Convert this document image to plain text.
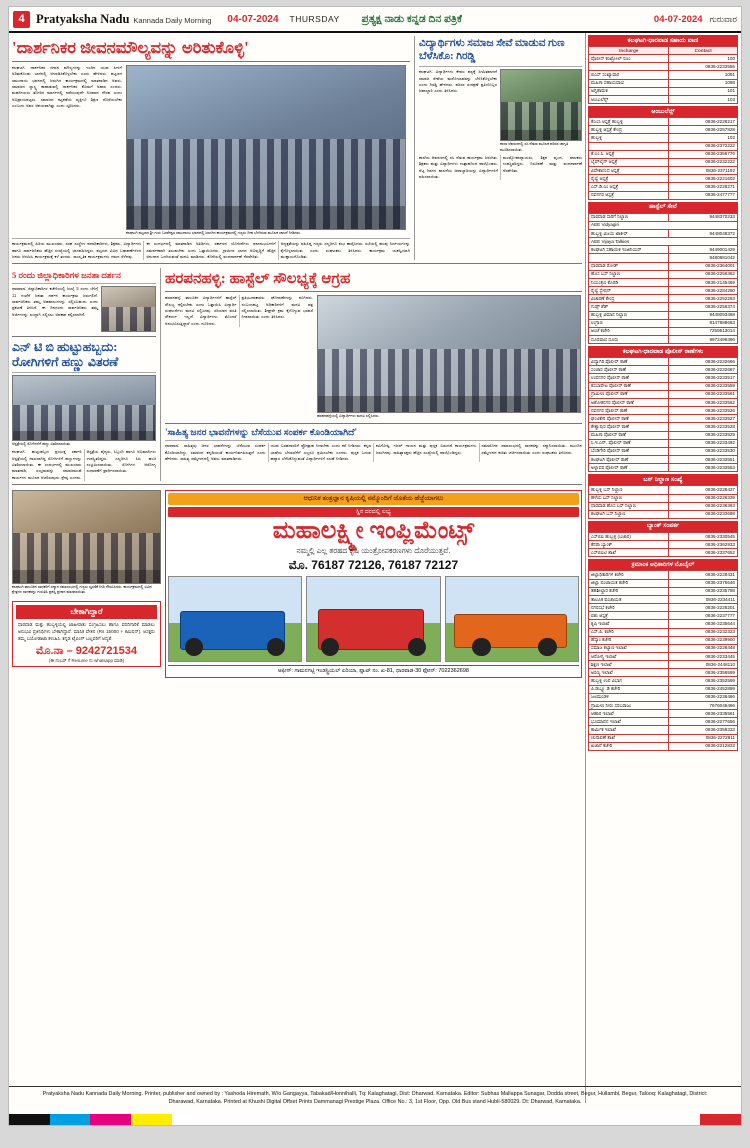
4 Pratyaksha Nadu Kannada Daily Morning 04-07-2024 THURSDAY ಪ್ರತ್ಯಕ್ಷ ನಾಡು ಕನ್ನಡ ದಿನ ಪತ್ರಿಕೆ	04-07-2024 ಗುರುವಾರ
'ದಾರ್ಶನಿಕರ ಜೀವನಮೌಲ್ಯವನ್ನು ಅರಿತುಕೊಳ್ಳಿ'
ಕಲಘಟಗಿ: ದಾರ್ಶನಿಕರ ಜೀವನ ಮೌಲ್ಯಗಳನ್ನು ಇಂದಿನ ಯುವ ಪೀಳಿಗೆ ಅರಿತುಕೊಂಡು ಬಾಳಿನಲ್ಲಿ ಅಳವಡಿಸಿಕೊಳ್ಳಬೇಕು ಎಂದು ಹೇಳಿದರು. ಪಟ್ಟಣದ ಸಮುದಾಯ ಭವನದಲ್ಲಿ ಜರುಗಿದ ಕಾರ್ಯಕ್ರಮದಲ್ಲಿ ಮಾತನಾಡಿದ ಅವರು, ಸಮಾಜದ ಸ್ವಾಸ್ಥ್ಯ ಕಾಪಾಡುವಲ್ಲಿ ದಾರ್ಶನಿಕರ ಕೊಡುಗೆ ಅಪಾರ ಎಂದರು. ಮಹನೀಯರು ತೋರಿದ ಮಾರ್ಗದಲ್ಲಿ ನಡೆಯುವುದೇ ನಿಜವಾದ ಗೌರವ ಎಂದು ಅಭಿಪ್ರಾಯಪಟ್ಟರು. ಸಮಾಜದ ಕಟ್ಟಕಡೆಯ ವ್ಯಕ್ತಿಗೂ ಶಿಕ್ಷಣ ದೊರೆಯಬೇಕು ಎಂಬುದು ಅವರ ಆಶಯವಾಗಿತ್ತು ಎಂದು ಸ್ಮರಿಸಿದರು.
ಕಲಘಟಗಿ ಪಟ್ಟಣದ ಶ್ರೀ ಗುರು ಬಸವೇಶ್ವರ ಸಮುದಾಯ ಭವನದಲ್ಲಿ ಜರುಗಿದ ಕಾರ್ಯಕ್ರಮದಲ್ಲಿ ಗಣ್ಯರು ದೀಪ ಬೆಳಗಿಸುವ ಮೂಲಕ ಚಾಲನೆ ನೀಡಿದರು.
ಕಾರ್ಯಕ್ರಮದಲ್ಲಿ ಹಿರಿಯ ಮುಖಂಡರು, ಸಂಘ ಸಂಸ್ಥೆಗಳ ಪದಾಧಿಕಾರಿಗಳು, ಶಿಕ್ಷಕರು, ವಿದ್ಯಾರ್ಥಿಗಳು ಹಾಗೂ ಸಾರ್ವಜನಿಕರು ಹೆಚ್ಚಿನ ಸಂಖ್ಯೆಯಲ್ಲಿ ಭಾಗವಹಿಸಿದ್ದರು. ಪಟ್ಟಣದ ವಿವಿಧ ಬಡಾವಣೆಗಳಿಂದ ಜನರು ಆಗಮಿಸಿ ಕಾರ್ಯಕ್ರಮಕ್ಕೆ ಕಳೆ ತಂದರು. ಸಾಂಸ್ಕೃತಿಕ ಕಾರ್ಯಕ್ರಮಗಳು ಗಮನ ಸೆಳೆದವು.
ಈ ಸಂದರ್ಭದಲ್ಲಿ ಮಾತನಾಡಿದ ಅತಿಥಿಗಳು, ಸರ್ಕಾರದ ಯೋಜನೆಗಳು ಫಲಾನುಭವಿಗಳಿಗೆ ಸಮರ್ಪಕವಾಗಿ ತಲುಪಬೇಕು ಎಂದು ಒತ್ತಾಯಿಸಿದರು. ಗ್ರಾಮೀಣ ಭಾಗದ ಅಭಿವೃದ್ಧಿಗೆ ಹೆಚ್ಚಿನ ಅನುದಾನ ಒದಗಿಸುವಂತೆ ಮನವಿ ಮಾಡಿದರು. ಕೊನೆಯಲ್ಲಿ ವಂದನಾರ್ಪಣೆ ನೆರವೇರಿತು.
ಅಧ್ಯಕ್ಷತೆಯನ್ನು ವಹಿಸಿದ್ದ ಗಣ್ಯರು ಎಲ್ಲರಿಗೂ ಶುಭ ಹಾರೈಸಿದರು. ಸಭೆಯಲ್ಲಿ ಹಲವು ನಿರ್ಣಯಗಳನ್ನು ಕೈಗೊಳ್ಳಲಾಯಿತು ಎಂದು ಸಂಘಟಕರು ತಿಳಿಸಿದರು. ಕಾರ್ಯಕ್ರಮ ಯಶಸ್ವಿಯಾಗಿ ಮುಕ್ತಾಯಗೊಂಡಿತು.
ವಿದ್ಯಾರ್ಥಿಗಳು ಸಮಾಜ ಸೇವೆ ಮಾಡುವ ಗುಣ ಬೆಳೆಸಿಕೊ: ಗಿರಡ್ಡಿ
ಕಲಘಟಗಿ: ವಿದ್ಯಾರ್ಥಿಗಳು ಕೇವಲ ಪಠ್ಯಕ್ಕೆ ಸೀಮಿತವಾಗದೆ ಸಮಾಜ ಸೇವೆಯ ಮನೋಭಾವವನ್ನು ಬೆಳೆಸಿಕೊಳ್ಳಬೇಕು ಎಂದು ಗಿರಡ್ಡಿ ಹೇಳಿದರು. ಪರಿಸರ ಸಂರಕ್ಷಣೆ ಪ್ರತಿಯೊಬ್ಬರ ಜವಾಬ್ದಾರಿ ಎಂದು ತಿಳಿಸಿದರು.
ಶಾಲಾ ಆವರಣದಲ್ಲಿ ಸಸಿ ನೆಡುವ ಮೂಲಕ ಪರಿಸರ ಜಾಗೃತಿ ಮೂಡಿಸಲಾಯಿತು.
ಶಾಲೆಯ ಆವರಣದಲ್ಲಿ ಸಸಿ ನೆಡುವ ಕಾರ್ಯಕ್ರಮ ಜರುಗಿತು. ಶಿಕ್ಷಕರು ಮತ್ತು ವಿದ್ಯಾರ್ಥಿಗಳು ಉತ್ಸಾಹದಿಂದ ಪಾಲ್ಗೊಂಡರು. ನೆಟ್ಟ ಗಿಡಗಳ ಪಾಲನೆಯ ಜವಾಬ್ದಾರಿಯನ್ನು ವಿದ್ಯಾರ್ಥಿಗಳಿಗೆ ವಹಿಸಲಾಯಿತು.
ಮುಖ್ಯೋಪಾಧ್ಯಾಯರು, ಶಿಕ್ಷಕ ವೃಂದ, ಪಾಲಕರು ಉಪಸ್ಥಿತರಿದ್ದರು. ನಿರೂಪಣೆ ಮತ್ತು ವಂದನಾರ್ಪಣೆ ನೆರವೇರಿತು.
5 ರಂದು ಜಿಲ್ಲಾಧಿಕಾರಿಗಳ ಜನತಾ ದರ್ಶನ
ಧಾರವಾಡ: ಜಿಲ್ಲಾಧಿಕಾರಿಗಳ ಕಚೇರಿಯಲ್ಲಿ ಜುಲೈ 5 ರಂದು ಬೆಳಿಗ್ಗೆ 11 ಗಂಟೆಗೆ ಜನತಾ ದರ್ಶನ ಕಾರ್ಯಕ್ರಮ ಜರುಗಲಿದೆ. ಸಾರ್ವಜನಿಕರು ತಮ್ಮ ಅಹವಾಲುಗಳನ್ನು ಸಲ್ಲಿಸಬಹುದು ಎಂದು ಪ್ರಕಟಣೆ ತಿಳಿಸಿದೆ. ಈ ದಿನದಂದು ಸಾರ್ವಜನಿಕರು ತಮ್ಮ ಅರ್ಜಿಗಳನ್ನು ಖುದ್ದಾಗಿ ಸಲ್ಲಿಸಲು ಅವಕಾಶ ಕಲ್ಪಿಸಲಾಗಿದೆ.
ಎನ್ ಟಿ ಬಿ ಹುಟ್ಟುಹಬ್ಬದು: ರೋಗಿಗಳಿಗೆ ಹಣ್ಣು ವಿತರಣೆ
ಆಸ್ಪತ್ರೆಯಲ್ಲಿ ರೋಗಿಗಳಿಗೆ ಹಣ್ಣು ವಿತರಿಸಲಾಯಿತು.
ಕಲಘಟಗಿ: ಹುಟ್ಟುಹಬ್ಬದ ಪ್ರಯುಕ್ತ ಸರ್ಕಾರಿ ಆಸ್ಪತ್ರೆಯಲ್ಲಿ ದಾಖಲಾಗಿದ್ದ ರೋಗಿಗಳಿಗೆ ಹಣ್ಣುಗಳನ್ನು ವಿತರಿಸಲಾಯಿತು. ಈ ಸಂದರ್ಭದಲ್ಲಿ ಮುಖಂಡರು ಮಾತನಾಡಿ, ಸಂಭ್ರಮವನ್ನು ಸಮಾಜಮುಖಿ ಕಾರ್ಯಗಳ ಮೂಲಕ ಆಚರಿಸುವುದು ಶ್ರೇಷ್ಠ ಎಂದರು. ಆಸ್ಪತ್ರೆಯ ವೈದ್ಯರು, ಸಿಬ್ಬಂದಿ ಹಾಗೂ ಅಭಿಮಾನಿಗಳು ಉಪಸ್ಥಿತರಿದ್ದರು. ಎಲ್ಲರಿಗೂ ಸಿಹಿ ಹಂಚಿ ಸಂಭ್ರಮಿಸಲಾಯಿತು. ರೋಗಿಗಳ ಆರೋಗ್ಯ ಸುಧಾರಣೆಗೆ ಪ್ರಾರ್ಥಿಸಲಾಯಿತು.
ಹರಪನಹಳ್ಳಿ: ಹಾಸ್ಟೆಲ್ ಸೌಲಭ್ಯಕ್ಕೆ ಆಗ್ರಹ
ಹರಪನಹಳ್ಳಿ: ತಾಲೂಕಿನ ವಿದ್ಯಾರ್ಥಿಗಳಿಗೆ ಹಾಸ್ಟೆಲ್ ಸೌಲಭ್ಯ ಕಲ್ಪಿಸಬೇಕು ಎಂದು ಒತ್ತಾಯಿಸಿ ವಿದ್ಯಾರ್ಥಿ ಸಂಘಟನೆಗಳು ಮನವಿ ಸಲ್ಲಿಸಿದವು. ಸರಿಯಾದ ವಸತಿ ಸೌಕರ್ಯ ಇಲ್ಲದೆ ವಿದ್ಯಾರ್ಥಿಗಳು ತೊಂದರೆ ಅನುಭವಿಸುತ್ತಿದ್ದಾರೆ ಎಂದು ದೂರಿದರು.
ಪ್ರತಿಭಟನಾಕಾರರು ಘೋಷಣೆಗಳನ್ನು ಕೂಗಿದರು. ಸಂಬಂಧಪಟ್ಟ ಅಧಿಕಾರಿಗಳಿಗೆ ಮನವಿ ಪತ್ರ ಸಲ್ಲಿಸಲಾಯಿತು. ಶೀಘ್ರವೇ ಕ್ರಮ ಕೈಗೊಳ್ಳುವ ಭರವಸೆ ನೀಡಲಾಯಿತು ಎಂದು ತಿಳಿಸಿದರು.
ಹರಪನಹಳ್ಳಿಯಲ್ಲಿ ವಿದ್ಯಾರ್ಥಿಗಳು ಮನವಿ ಸಲ್ಲಿಸಿದರು.
'ಸಾಹಿತ್ಯ ಜನರ ಭಾವನೆಗಳನ್ನು ಬೆಸೆಯುವ ಸಂಪರ್ಕ ಕೊಂಡಿಯಾಗಿದೆ'
ಧಾರವಾಡ: ಸಾಹಿತ್ಯವು ಜನರ ಭಾವನೆಗಳನ್ನು ಬೆಸೆಯುವ ಸಂಪರ್ಕ ಕೊಂಡಿಯಾಗಿದ್ದು, ಸಮಾಜದ ಕನ್ನಡಿಯಂತೆ ಕಾರ್ಯನಿರ್ವಹಿಸುತ್ತದೆ ಎಂದು ಹೇಳಿದರು. ಸಾಹಿತ್ಯ ಸಮ್ಮೇಳನದಲ್ಲಿ ಅವರು ಮಾತನಾಡಿದರು.
ಯುವ ಬರಹಗಾರರಿಗೆ ಪ್ರೋತ್ಸಾಹ ನೀಡಬೇಕು ಎಂದು ಕರೆ ನೀಡಿದರು. ಕನ್ನಡ ಭಾಷೆಯ ಬೆಳವಣಿಗೆಗೆ ಎಲ್ಲರೂ ಶ್ರಮಿಸಬೇಕು ಎಂದರು. ಪುಸ್ತಕ ಓದುವ ಹವ್ಯಾಸ ಬೆಳೆಸಿಕೊಳ್ಳುವಂತೆ ವಿದ್ಯಾರ್ಥಿಗಳಿಗೆ ಸಲಹೆ ನೀಡಿದರು.
ಕವಿಗೋಷ್ಠಿ, ಗಜಲ್ ಗಾಯನ ಮತ್ತು ಪುಸ್ತಕ ಬಿಡುಗಡೆ ಕಾರ್ಯಕ್ರಮಗಳು ಜರುಗಿದವು. ಸಾಹಿತ್ಯಾಸಕ್ತರು ಹೆಚ್ಚಿನ ಸಂಖ್ಯೆಯಲ್ಲಿ ಪಾಲ್ಗೊಂಡಿದ್ದರು.
ಸಮಾರೋಪ ಸಮಾರಂಭದಲ್ಲಿ ಸಾಧಕರನ್ನು ಸನ್ಮಾನಿಸಲಾಯಿತು. ಮುಂದಿನ ಸಮ್ಮೇಳನದ ಕುರಿತು ಚರ್ಚಿಸಲಾಯಿತು ಎಂದು ಸಂಘಟಕರು ತಿಳಿಸಿದರು.
ಕಲಘಟಗಿ ತಾಲೂಕಿನ ಸಾಧಕರಿಗೆ ಸನ್ಮಾನ ಸಮಾರಂಭದಲ್ಲಿ ಗಣ್ಯರು ಸ್ಮರಣಿಕೆ ನೀಡಿ ಗೌರವಿಸಿದರು. ಕಾರ್ಯಕ್ರಮದಲ್ಲಿ ವಿವಿಧ ಕ್ಷೇತ್ರಗಳ ಸಾಧಕರನ್ನು ಗುರುತಿಸಿ ಪ್ರಶಸ್ತಿ ಪ್ರದಾನ ಮಾಡಲಾಯಿತು.
ಬೇಕಾಗಿದ್ದಾರೆ
ಧಾರವಾಡ ಮತ್ತು ಹುಬ್ಬಳ್ಳಿಯಲ್ಲಿ ಜಾಹೀರಾತು ಸಂಗ್ರಹಿಸಲು ಹಾಗೂ ವರದಿಗಾರಿಕೆ ಮಾಡಲು ಅನುಭವಿ ಪ್ರತಿನಿಧಿಗಳು ಬೇಕಾಗಿದ್ದಾರೆ. ಮಾಸಿಕ ವೇತನ (Rs 15000 + ಕಮಿಷನ್). ಆಸಕ್ತರು ತಮ್ಮ ಬಯೋಡಾಟಾ ಕಳುಹಿಸಿ. ಕನ್ನಡ ಟೈಪಿಂಗ್ ಬಲ್ಲವರಿಗೆ ಆದ್ಯತೆ.
ಮೊ.ನಾ – 9242721534
(ಈ ನಂಬರ್ ಗೆ Resume ನು whatsapp ಮಾಡಿ)
ಆಧುನಿಕ ತಂತ್ರಜ್ಞಾನ ಕೃಷಿಯಲ್ಲಿ ನಮ್ಮೊಂದಿಗೆ ಜೊತೆಯ ಹೆಜ್ಜೆಯಾಗಲು
ಸ್ಥಿರ ದರದಲ್ಲಿ ಲಭ್ಯ
ಮಹಾಲಕ್ಷ್ಮೀ ಇಂಪ್ಲಿಮೆಂಟ್ಸ್
ನಮ್ಮಲ್ಲಿ ಎಲ್ಲ ತರಹದ ಕೃಷಿ ಯಂತ್ರೋಪಕರಣಗಳು ದೊರೆಯುತ್ತವೆ.
ಮೊ. 76187 72126, 76187 72127
ಆಫೀಸ್: ಗಾಮನಗಟ್ಟಿ ಇಂಡಸ್ಟ್ರಿಯಲ್ ಏರಿಯಾ, ಪ್ಲಾಟ್ ನಂ. ಖ-81, ಧಾರವಾಡ-30 ಫೋನ್: 7022362698
ಕಲಘಟಗಿ-ಧಾರವಾಡ ಸಹಾಯ ವಾಣಿ
Incharge	Contact
ಪೊಲೀಸ್ ಕಂಟ್ರೋಲ್ ರೂಂ	100
	0836-2233555
ಬಿಎಸ್ ಸಂಖ್ಯಾವಾರ	1091
ಮಹಿಳಾ ಸಹಾಯವಾಣಿ	1098
ಅಗ್ನಿಶಾಮಕ	101
ಆಂಬುಲೆನ್ಸ್	103
ಆಂಬುಲೆನ್ಸ್
ಕೆಎಂಸಿ ಆಸ್ಪತ್ರೆ ಹುಬ್ಬಳ್ಳಿ	0836-2228217
ಹುಬ್ಬಳ್ಳಿ ಆಸ್ಪತ್ರೆ ಕೇಂದ್ರ	0836-2257828
ಹುಬ್ಬಳ್ಳಿ	102
	0836-2372222
ಕೆ.ಎಂ.ಸಿ. ಆಸ್ಪತ್ರೆ	0836-2356776
ಲೈಫ್‌ಲೈನ್ ಆಸ್ಪತ್ರೆ	0836-2232222
ವಿವೇಕಾನಂದ ಆಸ್ಪತ್ರೆ	0836-2371192
ರೈಲ್ವೆ ಆಸ್ಪತ್ರೆ	0836-2221602
ಎಸ್.ಡಿ.ಎಂ ಆಸ್ಪತ್ರೆ	0836-2228271
ನವನಗರ ಆಸ್ಪತ್ರೆ	0836-2477777
ಹಾಸ್ಟೆಲ್ ಸೇವೆ
ಧಾರವಾಡ ಸಾರಿಗೆ ನಿಲ್ದಾಣ	9448370233
AEE Vidyagiri	
ಹುಬ್ಬಳ್ಳಿ ವಿಜಯ ಟಾಕೀಸ್	9448048372
AEE Vijaya Talkies	
ಕಲಘಟಗಿ ಸಹಾಯಕ ಇಂಜಿನಿಯರ್	9449001429
	9480881042
ಧಾರವಾಡ ರೋಡ್	0836-2364001
ಹೊಸ ಬಸ್ ನಿಲ್ದಾಣ	0836-2256362
ನಿಯಂತ್ರಣ ಕೊಠಡಿ	0836-2145469
ರೈಲ್ವೆ ಸ್ಟೇಷನ್	0836-2284260
ವಿಚಾರಣೆ ಕೇಂದ್ರ	0836-2252263
ಗುಡ್ಸ್ ಶೆಡ್	0836-2256374
ಹುಬ್ಬಳ್ಳಿ ವಿಮಾನ ನಿಲ್ದಾಣ	9448093468
ಉಗ್ರಾಣ	8147888663
ಅಂಚೆ ಕಚೇರಿ	7259513014
ದೂರವಾಣಿ ದೂರು	9972499366
ಕಲಘಟಗಿ-ಧಾರವಾಡ ಪೊಲೀಸ್ ಠಾಣೆಗಳು
ವಿದ್ಯಾಗಿರಿ ಪೊಲೀಸ್ ಠಾಣೆ	0836-2232666
ಸಂಚಾರ ಪೊಲೀಸ್ ಠಾಣೆ	0836-2232667
ಉಪನಗರ ಪೊಲೀಸ್ ಠಾಣೆ	0836-2233517
ಕಸಬಾಪೇಟ ಪೊಲೀಸ್ ಠಾಣೆ	0836-2233559
ಗ್ರಾಮೀಣ ಪೊಲೀಸ್ ಠಾಣೆ	0836-2233561
ಅಶೋಕನಗರ ಪೊಲೀಸ್ ಠಾಣೆ	0836-2233562
ನವನಗರ ಪೊಲೀಸ್ ಠಾಣೆ	0836-2233526
ಘಂಟಿಕೇರಿ ಪೊಲೀಸ್ ಠಾಣೆ	0836-2233527
ಕೇಶ್ವಾಪುರ ಪೊಲೀಸ್ ಠಾಣೆ	0836-2233528
ಮಹಿಳಾ ಪೊಲೀಸ್ ಠಾಣೆ	0836-2233529
ಸಿ.ಇ.ಎನ್. ಪೊಲೀಸ್ ಠಾಣೆ	0836-2233492
ಬೆಂಡಿಗೇರಿ ಪೊಲೀಸ್ ಠಾಣೆ	0836-2233530
ಕಲಘಟಗಿ ಪೊಲೀಸ್ ಠಾಣೆ	0836-2233551
ಅಳ್ನಾವರ ಪೊಲೀಸ್ ಠಾಣೆ	0836-2233553
ಬಸ್ ನಿಲ್ದಾಣ ಸಂಖ್ಯೆ
ಹುಬ್ಬಳ್ಳಿ ಬಸ್ ನಿಲ್ದಾಣ	0836-2228437
ಹಳೆಯ ಬಸ್ ನಿಲ್ದಾಣ	0836-2226339
ಧಾರವಾಡ ಹೊಸ ಬಸ್ ನಿಲ್ದಾಣ	0836-2236363
ಕಲಘಟಗಿ ಬಸ್ ನಿಲ್ದಾಣ	0836-2233698
ಬ್ಯಾಂಕ್ ಸಂಪರ್ಕ
ಎಸ್‌ಬಿಐ ಹುಬ್ಬಳ್ಳಿ (ಬಜಾರ)	0836-2330545
ಕೆನರಾ ಬ್ಯಾಂಕ್	0836-2362933
ಎಸ್‌ಬಿಐಟಿ ಶಾಖೆ	0836-2337652
ಕ್ರಮಾಂಕ ಅಧಿಕಾರಿಗಳ ಮೊಬೈಲ್
ಜಿಲ್ಲಾಧಿಕಾರಿಗಳ ಕಚೇರಿ	0836-2228431
ಜಿಲ್ಲಾ ಪಂಚಾಯತ ಕಚೇರಿ	0836-2376646
ತಹಶೀಲ್ದಾರ ಕಚೇರಿ	0836-2235798
ತಾಲೂಕ ಪಂಚಾಯತ	0836-2234411
ನಗರಸಭೆ ಕಚೇರಿ	0836-2226201
ಪಶು ಆಸ್ಪತ್ರೆ	0836-2237777
ಕೃಷಿ ಇಲಾಖೆ	0836-2235644
ಎಸ್.ಪಿ. ಕಚೇರಿ	0836-2232323
ಹೆಸ್ಕಾಂ ಕಚೇರಿ	0836-2239900
ಸಮಾಜ ಕಲ್ಯಾಣ ಇಲಾಖೆ	0836-2228448
ಆರೋಗ್ಯ ಇಲಾಖೆ	0836-2233445
ಶಿಕ್ಷಣ ಇಲಾಖೆ	0836-2448110
ಅರಣ್ಯ ಇಲಾಖೆ	0836-2356599
ಹುಬ್ಬಳ್ಳಿ ಉಪ ವಿಭಾಗ	0836-2352599
ಪಿ.ಡಬ್ಲ್ಯೂ.ಡಿ ಕಚೇರಿ	0836-2452899
ಜಲಮಂಡಳಿ	0836-2236466
ಗ್ರಾಮೀಣ ನೀರು ಸರಬರಾಜು	7676046466
ಆಹಾರ ಇಲಾಖೆ	0836-2335561
ಭೂಮಾಪನ ಇಲಾಖೆ	0836-2277656
ಕಾರ್ಮಿಕ ಇಲಾಖೆ	0836-2358333
ಚುನಾವಣೆ ಶಾಖೆ	0836-2272811
ಖಜಾನೆ ಕಚೇರಿ	0836-2212833
Pratyaksha Nadu Kannada Daily Morning. Printer, publisher and owned by : Yashoda Hiremath, W/o Gangayya, Tabakad/Honnihalli, Tq: Kalaghatagi, Dist: Dharwad. Karnataka. Editor: Subhas Mallappa Sunagar, Dodda street, Begur, Hullambi, Begur, Talooq: Kalaghatagi, District: Dharawad, Karnataka. Printed at Khushi Digital Offset Prints Dammanagi Prestige Plaza. Office No.: 3, 1st Floor, Opp. Old Bus stand Hubli-580029. Dt: Dharwad, Karnataka.
